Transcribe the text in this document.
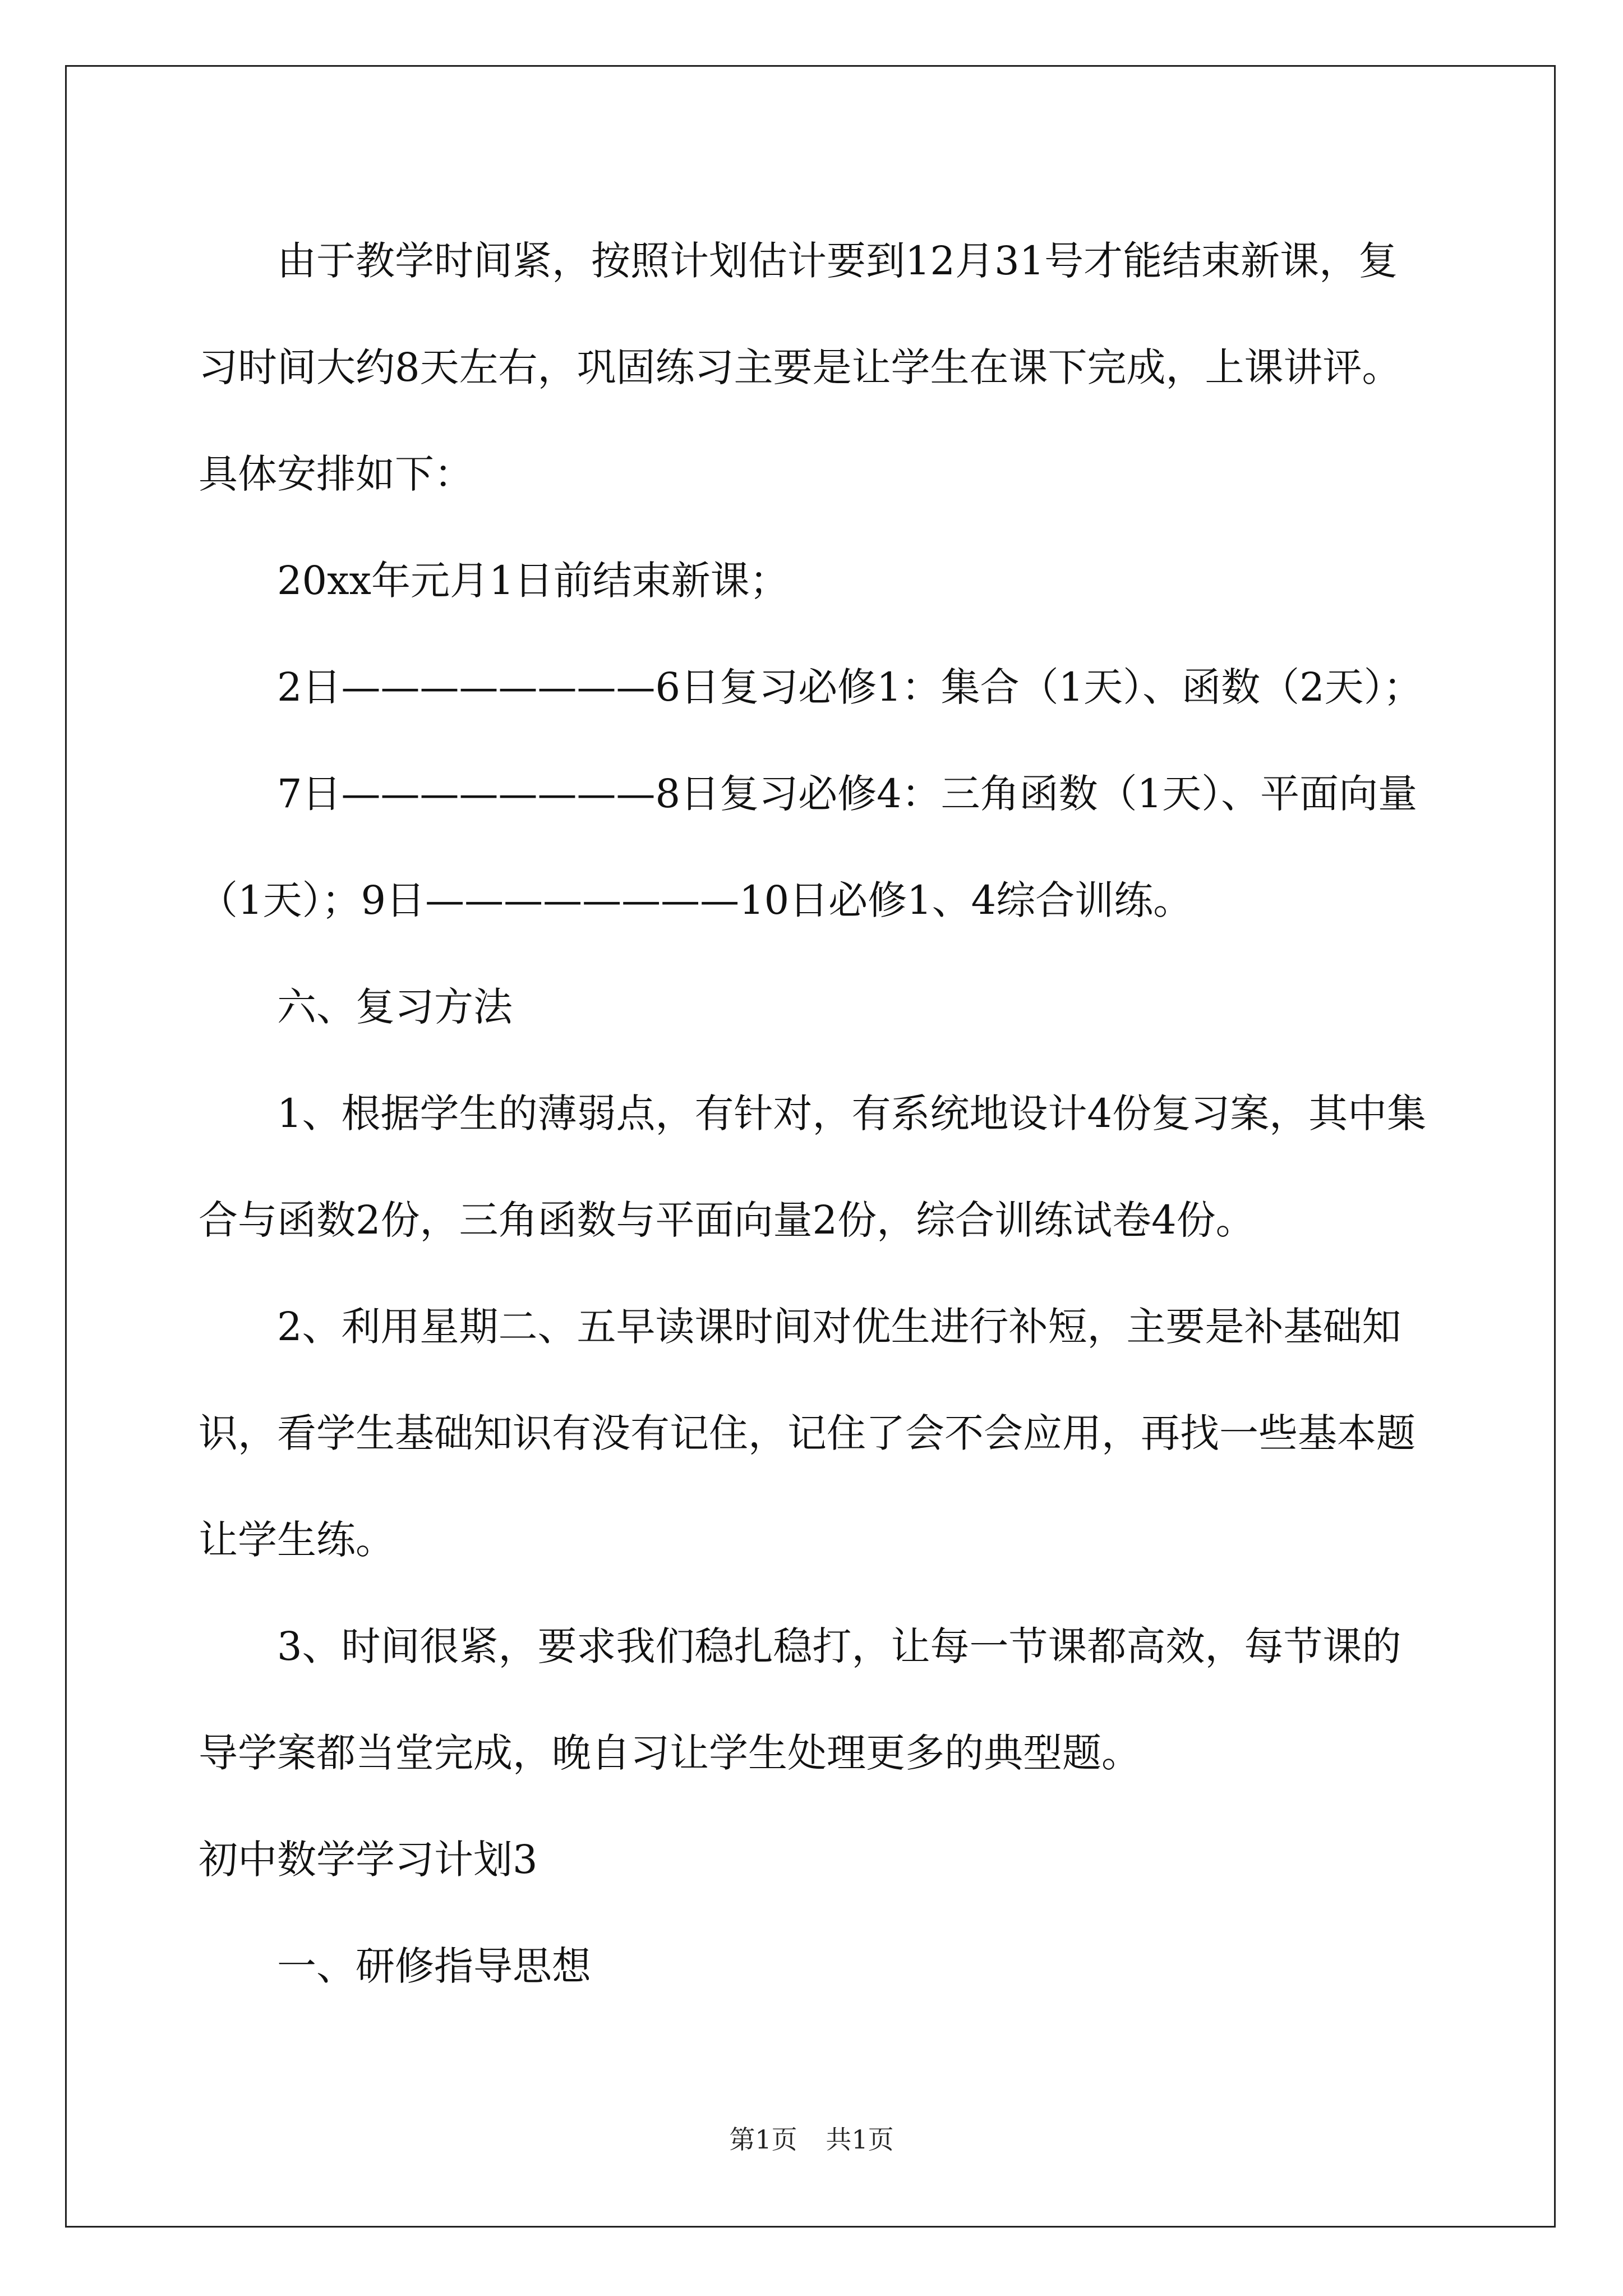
由于教学时间紧，按照计划估计要到12月31号才能结束新课，复习时间大约8天左右，巩固练习主要是让学生在课下完成，上课讲评。具体安排如下：

20xx年元月1日前结束新课；

2日————————6日复习必修1：集合（1天）、函数（2天）；

7日————————8日复习必修4：三角函数（1天）、平面向量（1天）；9日————————10日必修1、4综合训练。

六、复习方法

1、根据学生的薄弱点，有针对，有系统地设计4份复习案，其中集合与函数2份，三角函数与平面向量2份，综合训练试卷4份。

2、利用星期二、五早读课时间对优生进行补短，主要是补基础知识，看学生基础知识有没有记住，记住了会不会应用，再找一些基本题让学生练。

3、时间很紧，要求我们稳扎稳打，让每一节课都高效，每节课的导学案都当堂完成，晚自习让学生处理更多的典型题。

初中数学学习计划3

一、研修指导思想

第1页 共1页
